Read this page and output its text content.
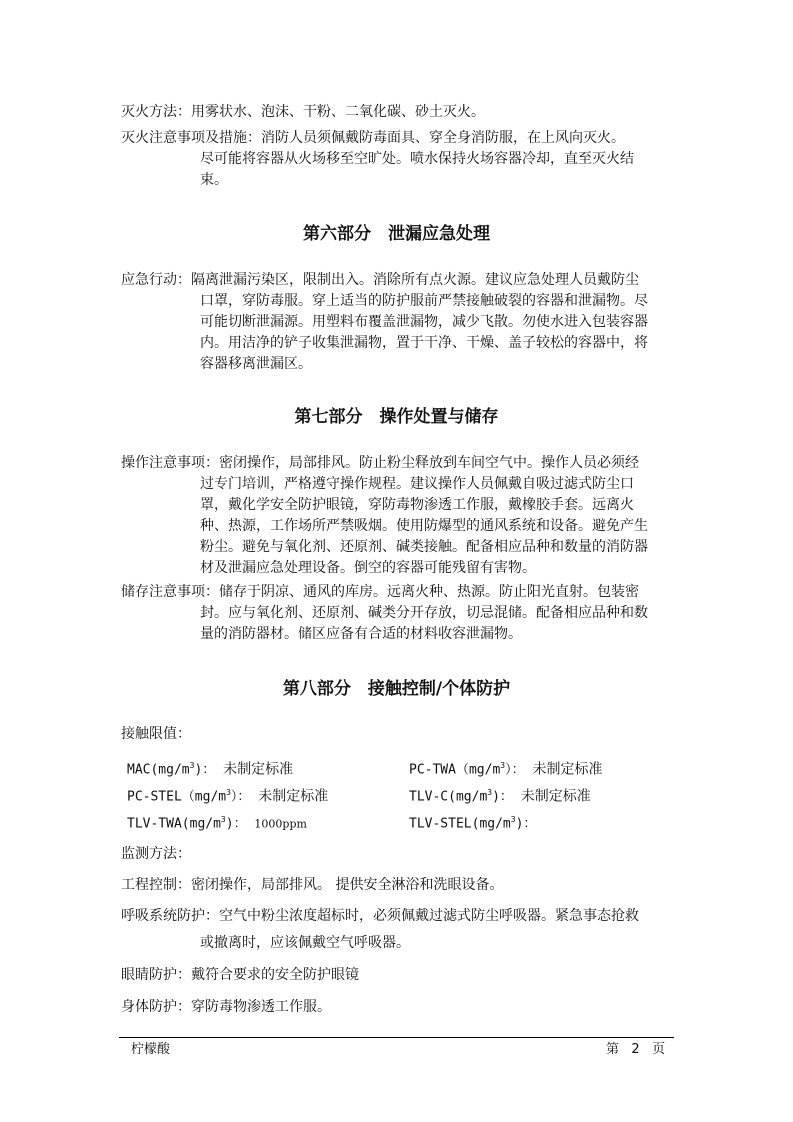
灭火方法：用雾状水、泡沫、干粉、二氧化碳、砂土灭火。
灭火注意事项及措施：消防人员须佩戴防毒面具、穿全身消防服，在上风向灭火。
尽可能将容器从火场移至空旷处。喷水保持火场容器冷却，直至灭火结
束。
第六部分　泄漏应急处理
应急行动：隔离泄漏污染区，限制出入。消除所有点火源。建议应急处理人员戴防尘
口罩，穿防毒服。穿上适当的防护服前严禁接触破裂的容器和泄漏物。尽
可能切断泄漏源。用塑料布覆盖泄漏物，减少飞散。勿使水进入包装容器
内。用洁净的铲子收集泄漏物，置于干净、干燥、盖子较松的容器中，将
容器移离泄漏区。
第七部分　操作处置与储存
操作注意事项：密闭操作，局部排风。防止粉尘释放到车间空气中。操作人员必须经
过专门培训，严格遵守操作规程。建议操作人员佩戴自吸过滤式防尘口
罩，戴化学安全防护眼镜，穿防毒物渗透工作服，戴橡胶手套。远离火
种、热源，工作场所严禁吸烟。使用防爆型的通风系统和设备。避免产生
粉尘。避免与氧化剂、还原剂、碱类接触。配备相应品种和数量的消防器
材及泄漏应急处理设备。倒空的容器可能残留有害物。
储存注意事项：储存于阴凉、通风的库房。远离火种、热源。防止阳光直射。包装密
封。应与氧化剂、还原剂、碱类分开存放，切忌混储。配备相应品种和数
量的消防器材。储区应备有合适的材料收容泄漏物。
第八部分　接触控制/个体防护
接触限值：
$MAC(mg/m^3)$： 未制定标准	$PC-TWA(mg/m^3)$： 未制定标准
$PC-STEL(mg/m^3)$： 未制定标准	TLV-$C(mg/m^3)$： 未制定标准
TLV-$TWA(mg/m^3)$： 1000ppm	TLV-$STEL(mg/m^3)$：
监测方法：
工程控制：密闭操作，局部排风。 提供安全淋浴和洗眼设备。
呼吸系统防护：空气中粉尘浓度超标时，必须佩戴过滤式防尘呼吸器。紧急事态抢救
或撤离时，应该佩戴空气呼吸器。
眼睛防护：戴符合要求的安全防护眼镜
身体防护：穿防毒物渗透工作服。
柠檬酸	第 2 页
